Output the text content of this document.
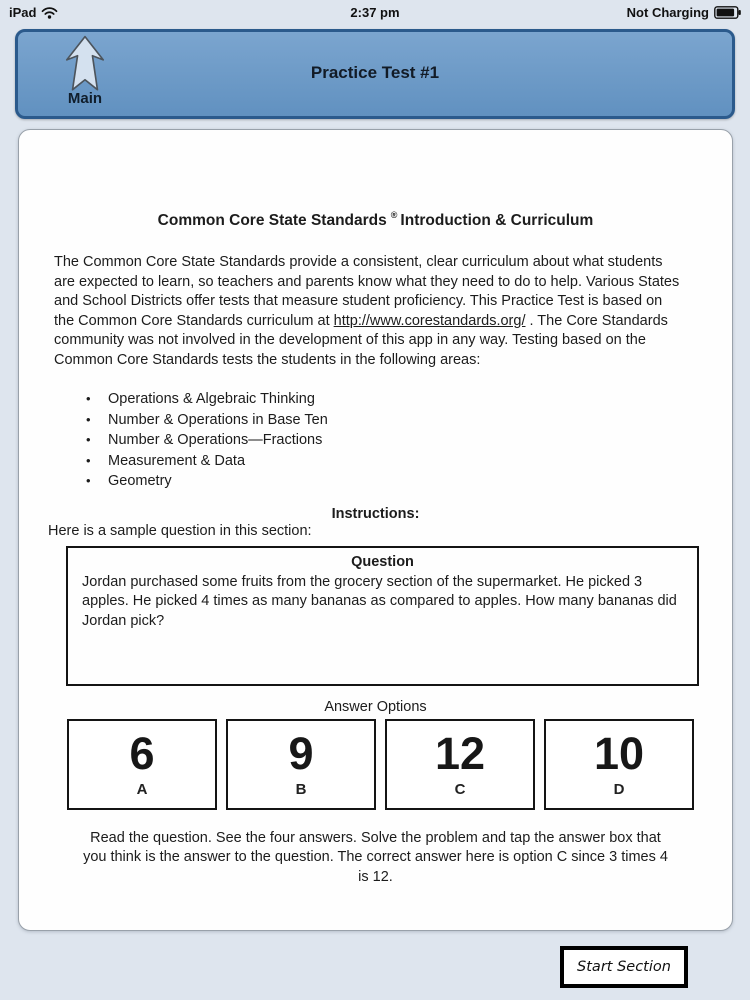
iPad	2:37 pm	Not Charging
Main
Practice Test #1
Common Core State Standards ® Introduction & Curriculum
The Common Core State Standards provide a consistent, clear curriculum about what students are expected to learn, so teachers and parents know what they need to do to help. Various States and School Districts offer tests that measure student proficiency. This Practice Test is based on the Common Core Standards curriculum at http://www.corestandards.org/ . The Core Standards community was not involved in the development of this app in any way. Testing based on the Common Core Standards tests the students in the following areas:
•	Operations & Algebraic Thinking
•	Number & Operations in Base Ten
•	Number & Operations—Fractions
•	Measurement & Data
•	Geometry
Instructions:
Here is a sample question in this section:
Question
Jordan purchased some fruits from the grocery section of the supermarket. He picked 3 apples. He picked 4 times as many bananas as compared to apples. How many bananas did Jordan pick?
Answer Options
6
A
9
B
12
C
10
D
Read the question. See the four answers. Solve the problem and tap the answer box that you think is the answer to the question. The correct answer here is option C since 3 times 4 is 12.
Start Section
